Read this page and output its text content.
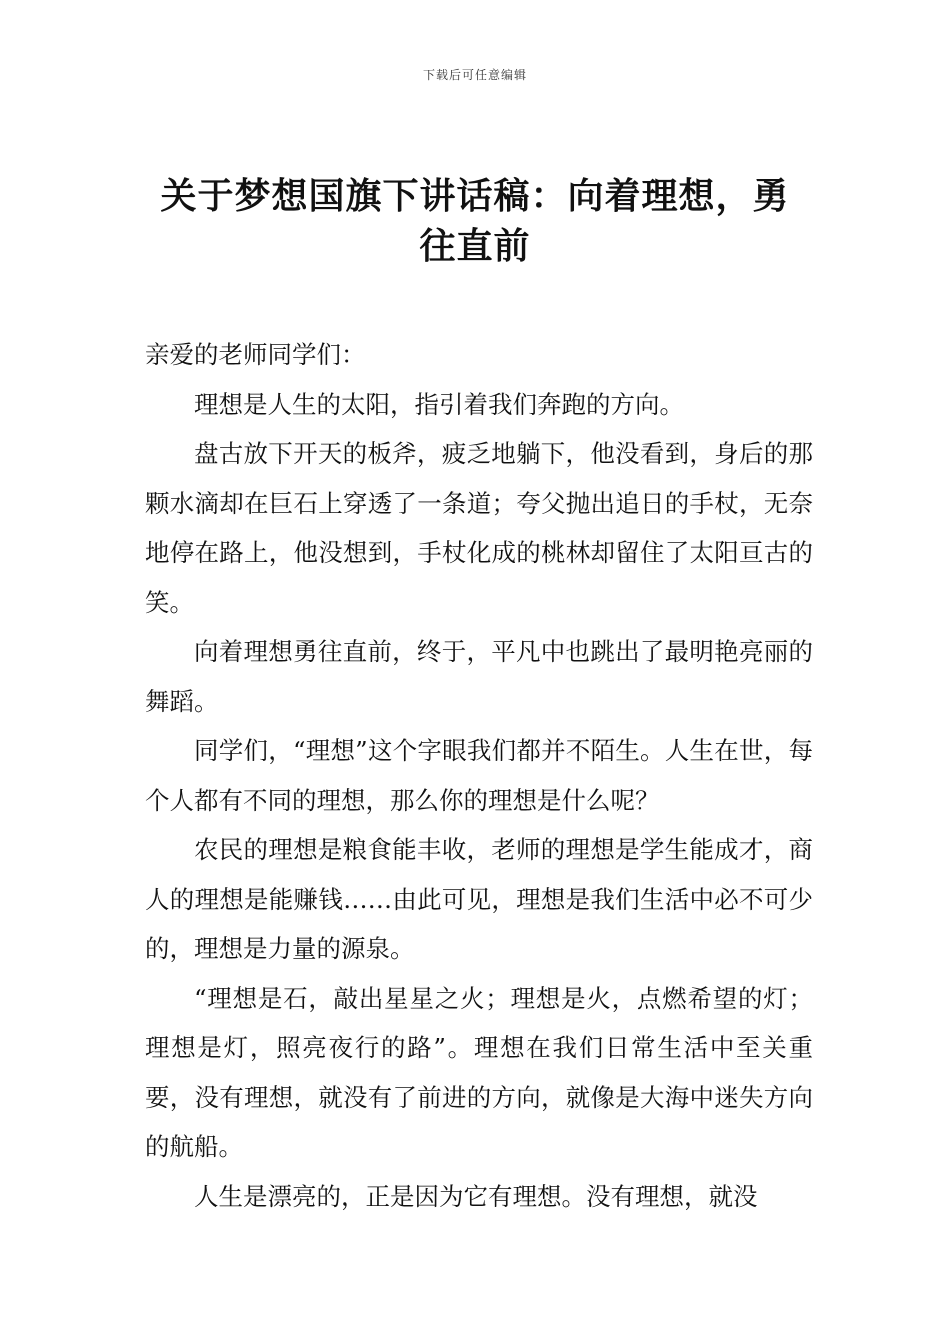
下载后可任意编辑
关于梦想国旗下讲话稿：向着理想，勇往直前

亲爱的老师同学们：

理想是人生的太阳，指引着我们奔跑的方向。

盘古放下开天的板斧，疲乏地躺下，他没看到，身后的那颗水滴却在巨石上穿透了一条道；夸父抛出追日的手杖，无奈地停在路上，他没想到，手杖化成的桃林却留住了太阳亘古的笑。

向着理想勇往直前，终于，平凡中也跳出了最明艳亮丽的舞蹈。

同学们，“理想”这个字眼我们都并不陌生。人生在世，每个人都有不同的理想，那么你的理想是什么呢？

农民的理想是粮食能丰收，老师的理想是学生能成才，商人的理想是能赚钱……由此可见，理想是我们生活中必不可少的，理想是力量的源泉。

“理想是石，敲出星星之火；理想是火，点燃希望的灯；理想是灯，照亮夜行的路”。理想在我们日常生活中至关重要，没有理想，就没有了前进的方向，就像是大海中迷失方向的航船。

人生是漂亮的，正是因为它有理想。没有理想，就没
